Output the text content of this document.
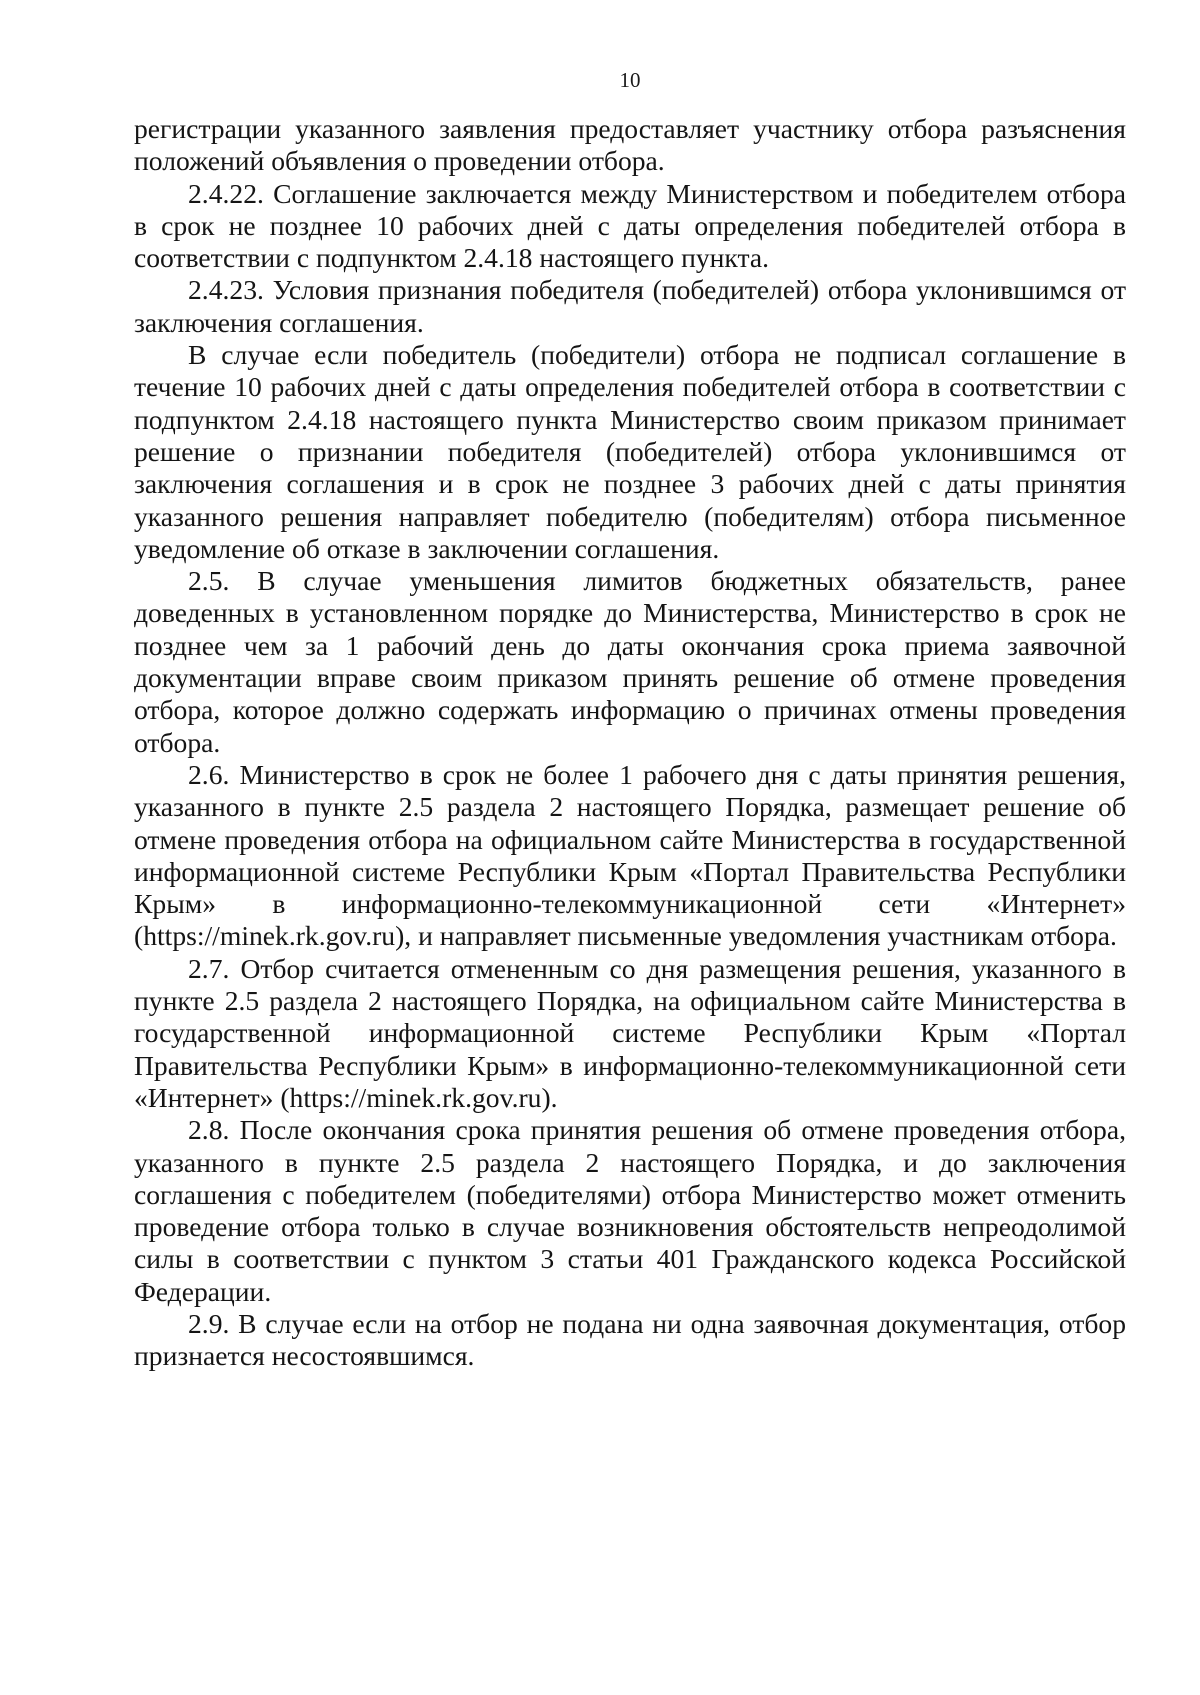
10

регистрации указанного заявления предоставляет участнику отбора разъяснения положений объявления о проведении отбора.

2.4.22. Соглашение заключается между Министерством и победителем отбора в срок не позднее 10 рабочих дней с даты определения победителей отбора в соответствии с подпунктом 2.4.18 настоящего пункта.

2.4.23. Условия признания победителя (победителей) отбора уклонившимся от заключения соглашения.

В случае если победитель (победители) отбора не подписал соглашение в течение 10 рабочих дней с даты определения победителей отбора в соответствии с подпунктом 2.4.18 настоящего пункта Министерство своим приказом принимает решение о признании победителя (победителей) отбора уклонившимся от заключения соглашения и в срок не позднее 3 рабочих дней с даты принятия указанного решения направляет победителю (победителям) отбора письменное уведомление об отказе в заключении соглашения.

2.5. В случае уменьшения лимитов бюджетных обязательств, ранее доведенных в установленном порядке до Министерства, Министерство в срок не позднее чем за 1 рабочий день до даты окончания срока приема заявочной документации вправе своим приказом принять решение об отмене проведения отбора, которое должно содержать информацию о причинах отмены проведения отбора.

2.6. Министерство в срок не более 1 рабочего дня с даты принятия решения, указанного в пункте 2.5 раздела 2 настоящего Порядка, размещает решение об отмене проведения отбора на официальном сайте Министерства в государственной информационной системе Республики Крым «Портал Правительства Республики Крым» в информационно-телекоммуникационной сети «Интернет» (https://minek.rk.gov.ru), и направляет письменные уведомления участникам отбора.

2.7. Отбор считается отмененным со дня размещения решения, указанного в пункте 2.5 раздела 2 настоящего Порядка, на официальном сайте Министерства в государственной информационной системе Республики Крым «Портал Правительства Республики Крым» в информационно-телекоммуникационной сети «Интернет» (https://minek.rk.gov.ru).

2.8. После окончания срока принятия решения об отмене проведения отбора, указанного в пункте 2.5 раздела 2 настоящего Порядка, и до заключения соглашения с победителем (победителями) отбора Министерство может отменить проведение отбора только в случае возникновения обстоятельств непреодолимой силы в соответствии с пунктом 3 статьи 401 Гражданского кодекса Российской Федерации.

2.9. В случае если на отбор не подана ни одна заявочная документация, отбор признается несостоявшимся.
